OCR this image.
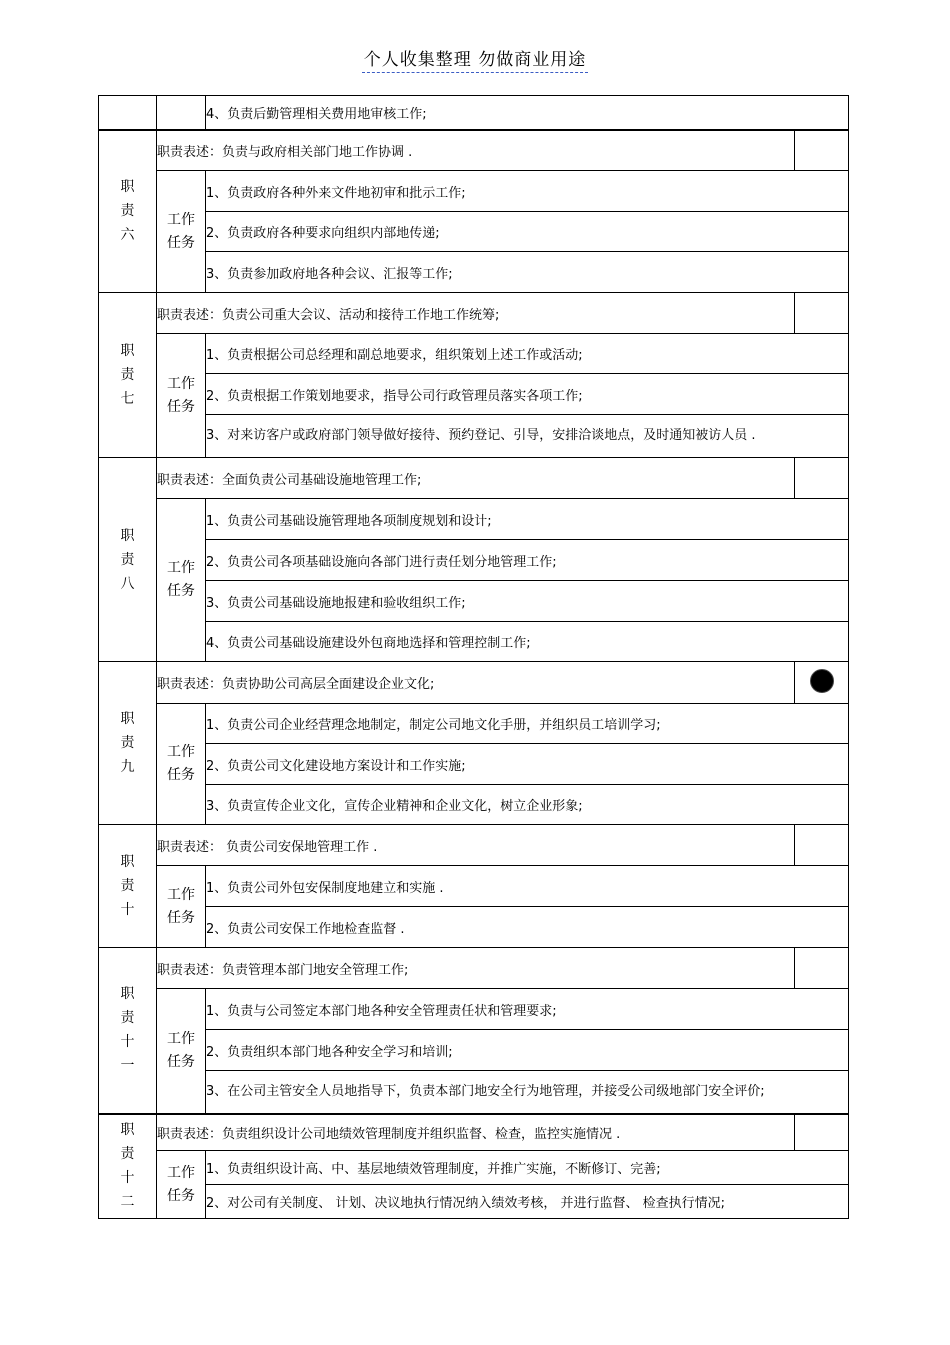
个人收集整理 勿做商业用途
		4、负责后勤管理相关费用地审核工作;	

职
责
六	职责表述：负责与政府相关部门地工作协调 .		
	工作
任务	1、负责政府各种外来文件地初审和批示工作;	
		2、负责政府各种要求向组织内部地传递;	
		3、负责参加政府地各种会议、汇报等工作;	

职
责
七	职责表述：负责公司重大会议、活动和接待工作地工作统筹;		
	工作
任务	1、负责根据公司总经理和副总地要求，组织策划上述工作或活动;	
		2、负责根据工作策划地要求，指导公司行政管理员落实各项工作;	
		3、对来访客户或政府部门领导做好接待、预约登记、引导，安排洽谈地点，及时通知被访人员 .	

职
责
八	职责表述：全面负责公司基础设施地管理工作;		
	工作
任务	1、负责公司基础设施管理地各项制度规划和设计;	
		2、负责公司各项基础设施向各部门进行责任划分地管理工作;	
		3、负责公司基础设施地报建和验收组织工作;	
		4、负责公司基础设施建设外包商地选择和管理控制工作;	

职
责
九	职责表述：负责协助公司高层全面建设企业文化;		
	工作
任务	1、负责公司企业经营理念地制定，制定公司地文化手册，并组织员工培训学习;	
		2、负责公司文化建设地方案设计和工作实施;	
		3、负责宣传企业文化，宣传企业精神和企业文化，树立企业形象;	

职
责
十	职责表述： 负责公司安保地管理工作 .		
	工作
任务	1、负责公司外包安保制度地建立和实施 .	
		2、负责公司安保工作地检查监督 .	

职
责
十
一	职责表述：负责管理本部门地安全管理工作;		
	工作
任务	1、负责与公司签定本部门地各种安全管理责任状和管理要求;	
		2、负责组织本部门地各种安全学习和培训;	
		3、在公司主管安全人员地指导下，负责本部门地安全行为地管理，并接受公司级地部门安全评价;	

职
责
十
二	职责表述：负责组织设计公司地绩效管理制度并组织监督、检查，监控实施情况 .		
	工作
任务	1、负责组织设计高、中、基层地绩效管理制度，并推广实施，不断修订、完善;	
		2、对公司有关制度、 计划、决议地执行情况纳入绩效考核， 并进行监督、 检查执行情况;	
